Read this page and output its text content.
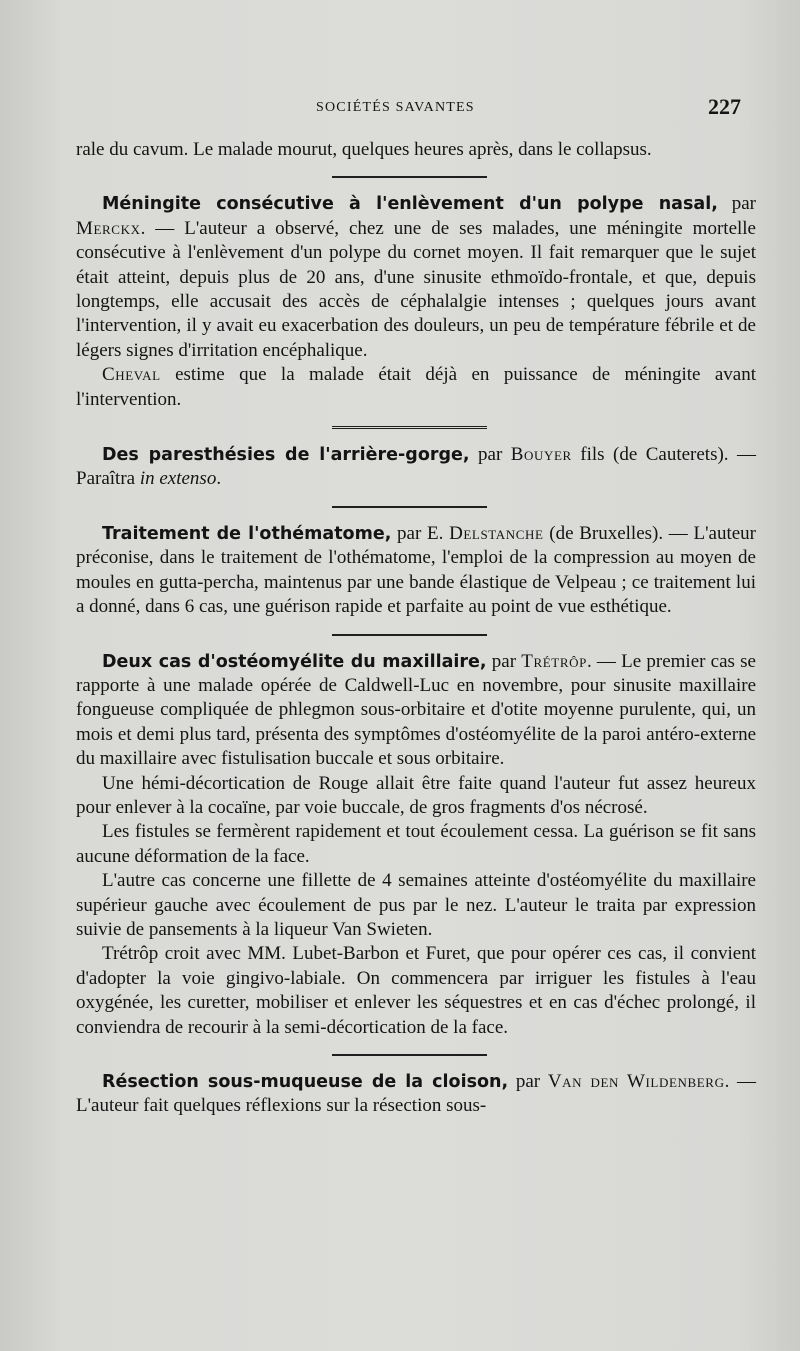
SOCIÉTÉS SAVANTES	227

rale du cavum. Le malade mourut, quelques heures après, dans le collapsus.

Méningite consécutive à l'enlèvement d'un polype nasal, par Merckx. — L'auteur a observé, chez une de ses malades, une méningite mortelle consécutive à l'enlèvement d'un polype du cornet moyen. Il fait remarquer que le sujet était atteint, depuis plus de 20 ans, d'une sinusite ethmoïdo-frontale, et que, depuis longtemps, elle accusait des accès de céphalalgie intenses ; quelques jours avant l'intervention, il y avait eu exacerbation des douleurs, un peu de température fébrile et de légers signes d'irritation encéphalique.

Cheval estime que la malade était déjà en puissance de méningite avant l'intervention.

Des paresthésies de l'arrière-gorge, par Bouyer fils (de Cauterets). — Paraîtra in extenso.

Traitement de l'othématome, par E. Delstanche (de Bruxelles). — L'auteur préconise, dans le traitement de l'othématome, l'emploi de la compression au moyen de moules en gutta-percha, maintenus par une bande élastique de Velpeau ; ce traitement lui a donné, dans 6 cas, une guérison rapide et parfaite au point de vue esthétique.

Deux cas d'ostéomyélite du maxillaire, par Trétrôp. — Le premier cas se rapporte à une malade opérée de Caldwell-Luc en novembre, pour sinusite maxillaire fongueuse compliquée de phlegmon sous-orbitaire et d'otite moyenne purulente, qui, un mois et demi plus tard, présenta des symptômes d'ostéomyélite de la paroi antéro-externe du maxillaire avec fistulisation buccale et sous orbitaire.

Une hémi-décortication de Rouge allait être faite quand l'auteur fut assez heureux pour enlever à la cocaïne, par voie buccale, de gros fragments d'os nécrosé.

Les fistules se fermèrent rapidement et tout écoulement cessa. La guérison se fit sans aucune déformation de la face.

L'autre cas concerne une fillette de 4 semaines atteinte d'ostéomyélite du maxillaire supérieur gauche avec écoulement de pus par le nez. L'auteur le traita par expression suivie de pansements à la liqueur Van Swieten.

Trétrôp croit avec MM. Lubet-Barbon et Furet, que pour opérer ces cas, il convient d'adopter la voie gingivo-labiale. On commencera par irriguer les fistules à l'eau oxygénée, les curetter, mobiliser et enlever les séquestres et en cas d'échec prolongé, il conviendra de recourir à la semi-décortication de la face.

Résection sous-muqueuse de la cloison, par Van den Wildenberg. — L'auteur fait quelques réflexions sur la résection sous-
